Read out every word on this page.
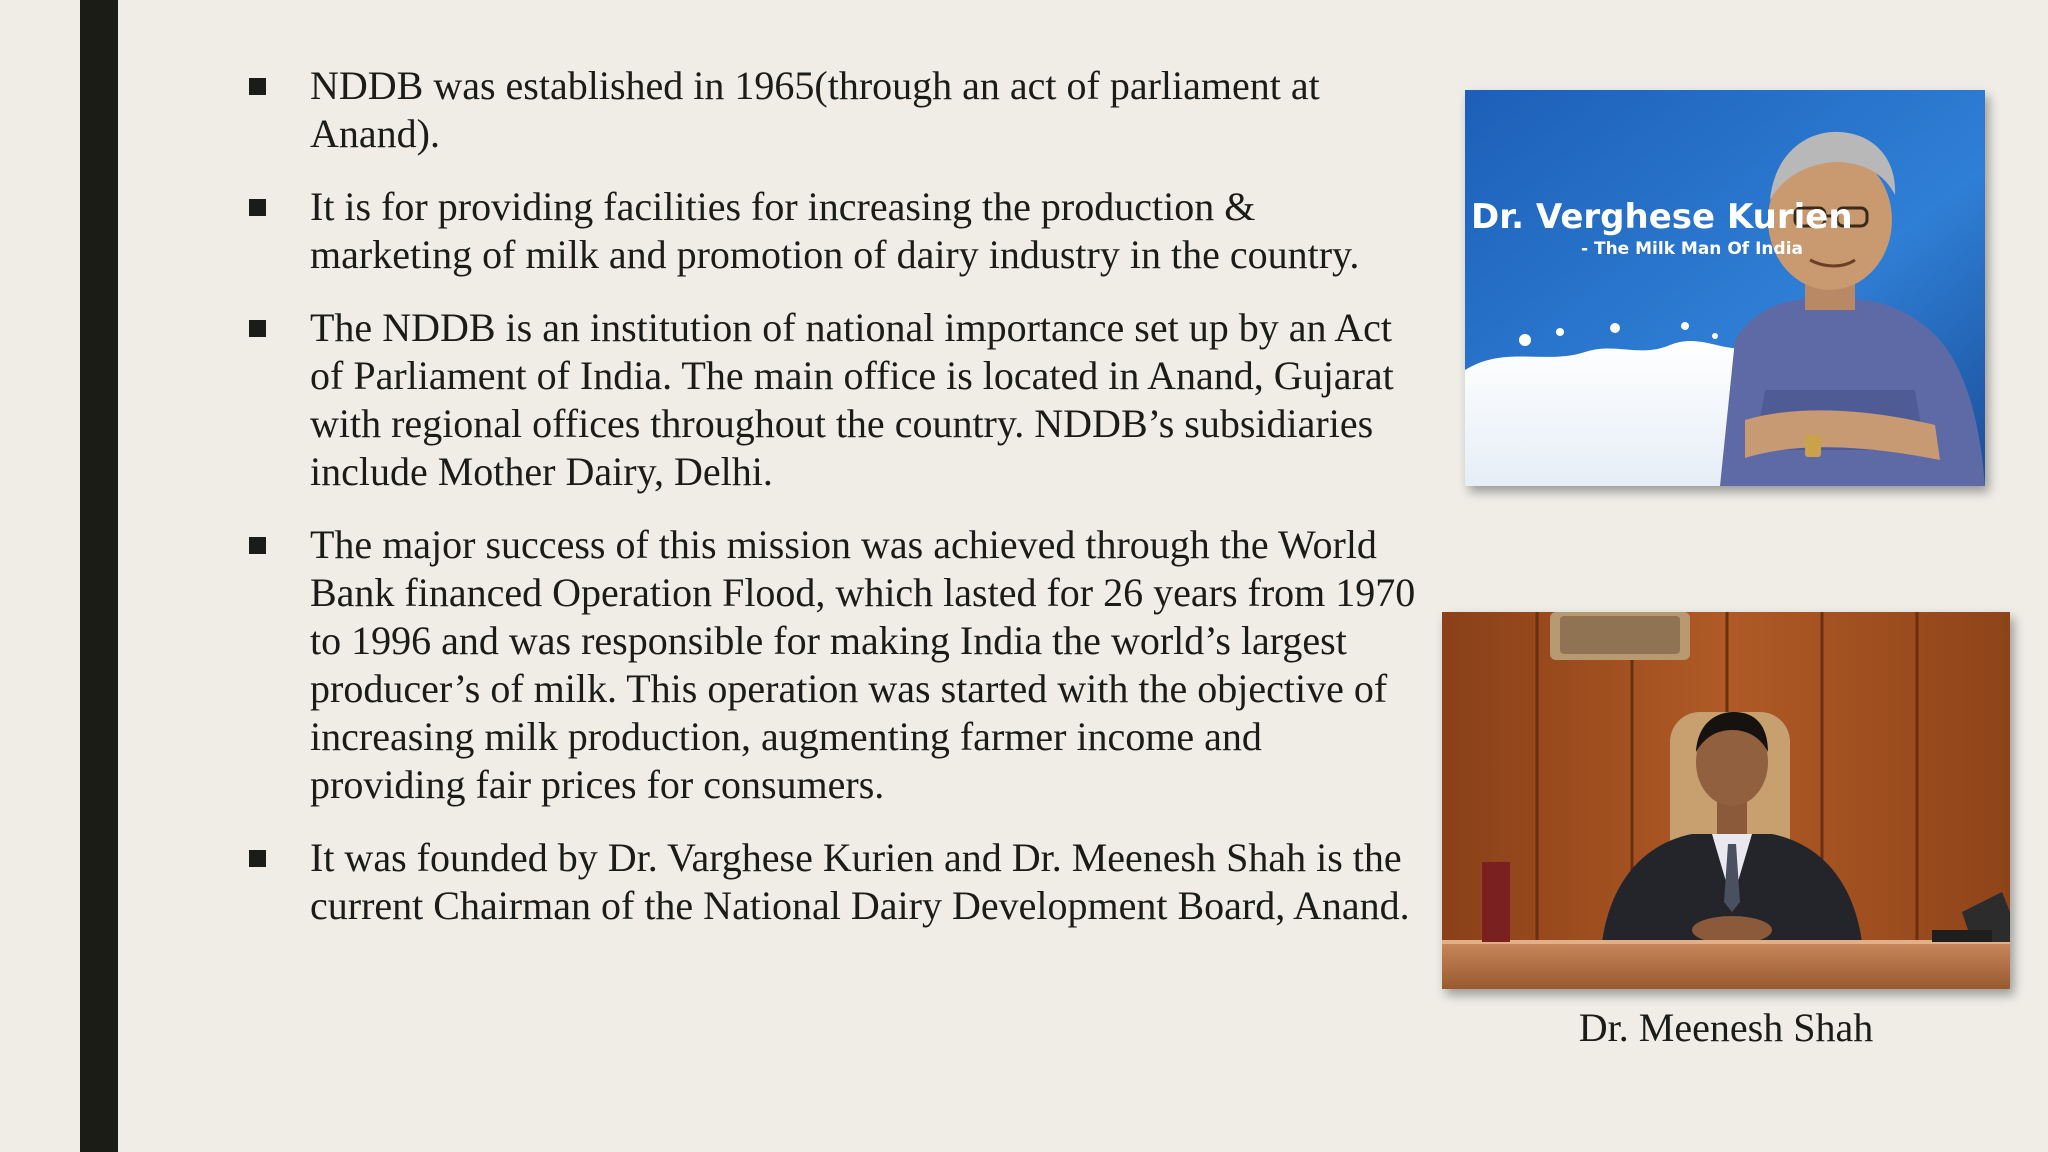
NDDB was established in 1965(through an act of parliament at Anand).
It is for providing facilities for increasing the production & marketing of milk and promotion of dairy industry in the country.
The NDDB is an institution of national importance set up by an Act of Parliament of India. The main office is located in Anand, Gujarat with regional offices throughout the country. NDDB’s subsidiaries include Mother Dairy, Delhi.
The major success of this mission was achieved through the World Bank financed Operation Flood, which lasted for 26 years from 1970 to 1996 and was responsible for making India the world’s largest producer’s of milk. This operation was started with the objective of increasing milk production, augmenting farmer income and providing fair prices for consumers.
It was founded by Dr. Varghese Kurien and Dr. Meenesh Shah is the current Chairman of the National Dairy Development Board, Anand.
Dr. Verghese Kurien
- The Milk Man Of India
Dr. Meenesh Shah
